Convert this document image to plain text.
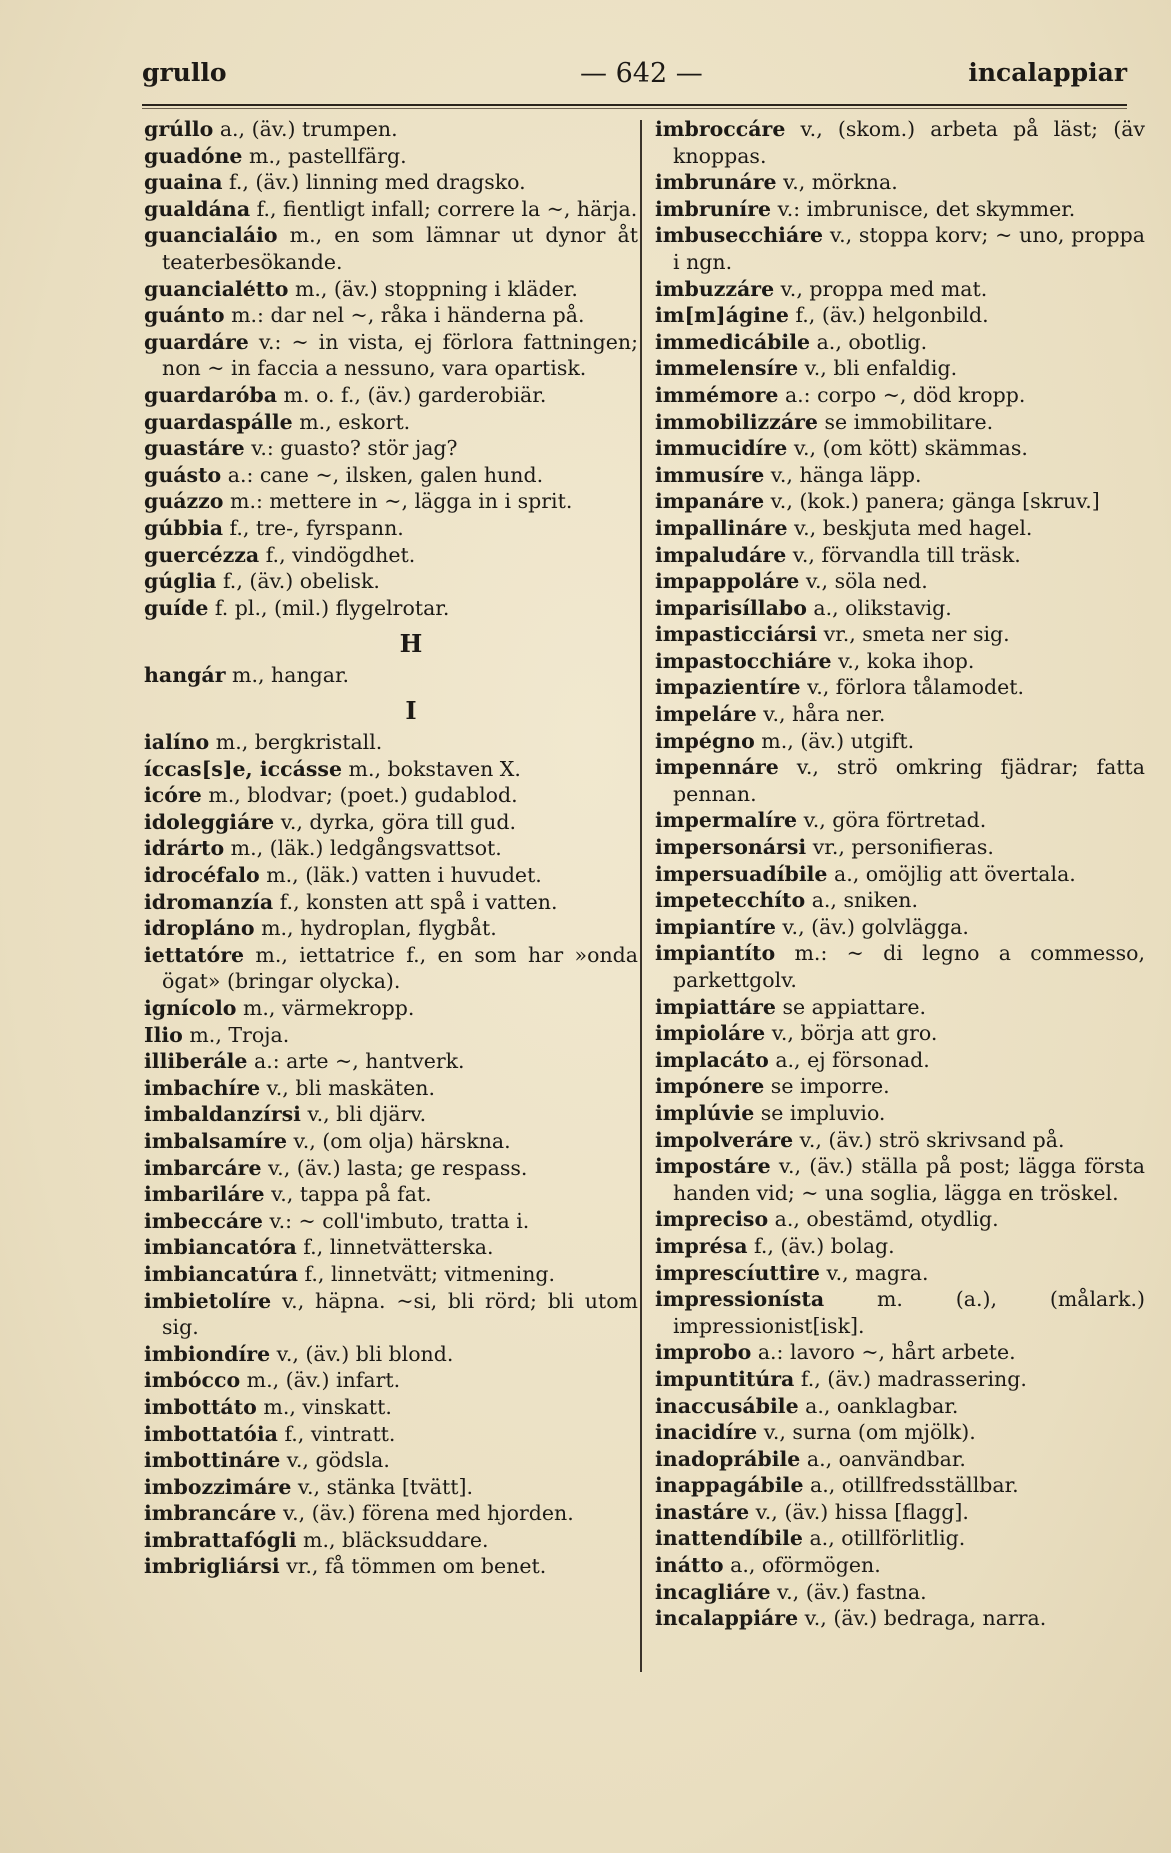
grullo	— 642 —	incalappiar

grúllo a., (äv.) trumpen.

guadóne m., pastellfärg.

guaina f., (äv.) linning med dragsko.

gualdána f., fientligt infall; correre la ~, härja.

guancialáio m., en som lämnar ut dynor åt teaterbesökande.

guanciale̒tto m., (äv.) stoppning i kläder.

guánto m.: dar nel ~, råka i händerna på.

guardáre v.: ~ in vista, ej förlora fattningen; non ~ in faccia a nessuno, vara opartisk.

guardaróba m. o. f., (äv.) garderobiär.

guardaspálle m., eskort.

guastáre v.: guasto? stör jag?

guásto a.: cane ~, ilsken, galen hund.

guázzo m.: mettere in ~, lägga in i sprit.

gúbbia f., tre-, fyrspann.

guercézza f., vindögdhet.

gúglia f., (äv.) obelisk.

guíde f. pl., (mil.) flygelrotar.

H

hangár m., hangar.

I

ialíno m., bergkristall.

íccas[s]e, iccásse m., bokstaven X.

icóre m., blodvar; (poet.) gudablod.

idoleggiáre v., dyrka, göra till gud.

idrárto m., (läk.) ledgångsvattsot.

idrocéfalo m., (läk.) vatten i huvudet.

idromanzía f., konsten att spå i vatten.

idropláno m., hydroplan, flygbåt.

iettatóre m., iettatrice f., en som har »onda ögat» (bringar olycka).

ignícolo m., värmekropp.

Ilio m., Troja.

illiberále a.: arte ~, hantverk.

imbachíre v., bli maskäten.

imbaldanzírsi v., bli djärv.

imbalsamíre v., (om olja) härskna.

imbarcáre v., (äv.) lasta; ge respass.

imbariláre v., tappa på fat.

imbeccáre v.: ~ coll'imbuto, tratta i.

imbiancatóra f., linnetvätterska.

imbiancatúra f., linnetvätt; vitmening.

imbietolíre v., häpna. ~si, bli rörd; bli utom sig.

imbiondíre v., (äv.) bli blond.

imbócco m., (äv.) infart.

imbottáto m., vinskatt.

imbottatóia f., vintratt.

imbottináre v., gödsla.

imbozzimáre v., stänka [tvätt].

imbrancáre v., (äv.) förena med hjorden.

imbrattafógli m., bläcksuddare.

imbrigliársi vr., få tömmen om benet.

imbroccáre v., (skom.) arbeta på läst; (äv knoppas.

imbrunáre v., mörkna.

imbruníre v.: imbrunisce, det skymmer.

imbusecchiáre v., stoppa korv; ~ uno, proppa i ngn.

imbuzzáre v., proppa med mat.

im[m]ágine f., (äv.) helgonbild.

immedicábile a., obotlig.

immelensíre v., bli enfaldig.

immémore a.: corpo ~, död kropp.

immobilizzáre se immobilitare.

immucidíre v., (om kött) skämmas.

immusíre v., hänga läpp.

impanáre v., (kok.) panera; gänga [skruv.]

impallináre v., beskjuta med hagel.

impaludáre v., förvandla till träsk.

impappoláre v., söla ned.

imparisíllabo a., olikstavig.

impasticciársi vr., smeta ner sig.

impastocchiáre v., koka ihop.

impazientíre v., förlora tålamodet.

impeláre v., håra ner.

impégno m., (äv.) utgift.

impennáre v., strö omkring fjädrar; fatta pennan.

impermalíre v., göra förtretad.

impersonársi vr., personifieras.

impersuadíbile a., omöjlig att övertala.

impetecchíto a., sniken.

impiantíre v., (äv.) golvlägga.

impiantíto m.: ~ di legno a commesso, parkettgolv.

impiattáre se appiattare.

impioláre v., börja att gro.

implacáto a., ej försonad.

impónere se imporre.

implúvie se impluvio.

impolveráre v., (äv.) strö skrivsand på.

impostáre v., (äv.) ställa på post; lägga första handen vid; ~ una soglia, lägga en tröskel.

impreciso a., obestämd, otydlig.

imprésa f., (äv.) bolag.

imprescíuttire v., magra.

impressionísta m. (a.), (målark.) impressionist[isk].

improbo a.: lavoro ~, hårt arbete.

impuntitúra f., (äv.) madrassering.

inaccusábile a., oanklagbar.

inacidíre v., surna (om mjölk).

inadoprábile a., oanvändbar.

inappagábile a., otillfredsställbar.

inastáre v., (äv.) hissa [flagg].

inattendíbile a., otillförlitlig.

inátto a., oförmögen.

incagliáre v., (äv.) fastna.

incalappiáre v., (äv.) bedraga, narra.
